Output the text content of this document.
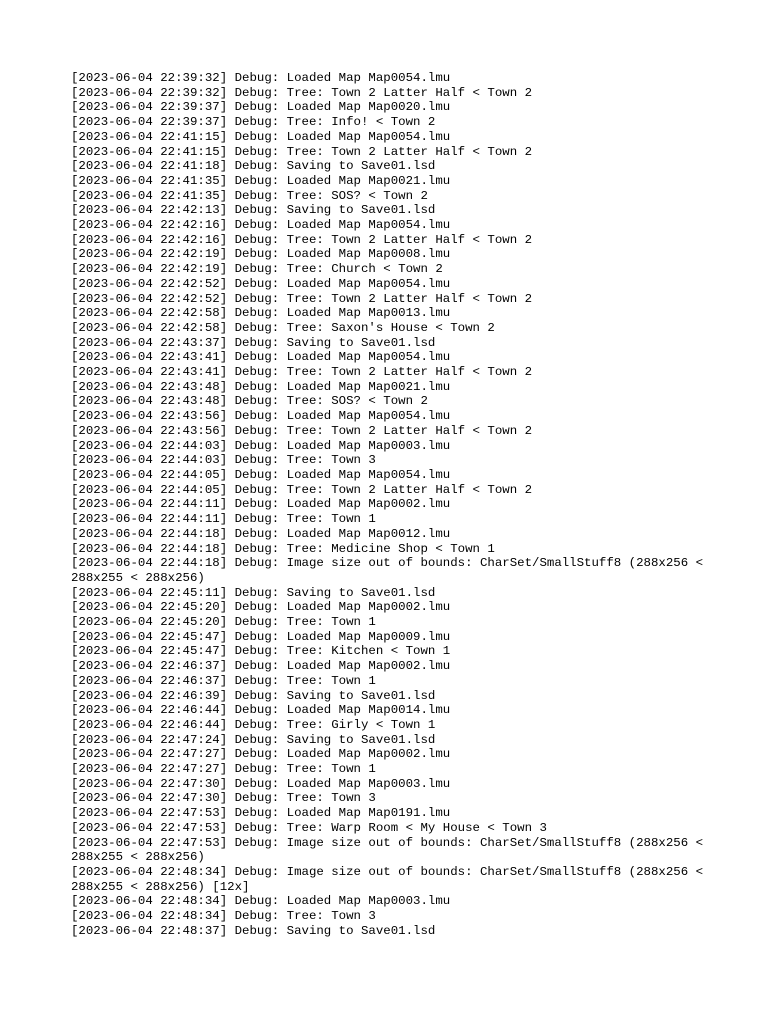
[2023-06-04 22:39:32] Debug: Loaded Map Map0054.lmu
[2023-06-04 22:39:32] Debug: Tree: Town 2 Latter Half < Town 2
[2023-06-04 22:39:37] Debug: Loaded Map Map0020.lmu
[2023-06-04 22:39:37] Debug: Tree: Info! < Town 2
[2023-06-04 22:41:15] Debug: Loaded Map Map0054.lmu
[2023-06-04 22:41:15] Debug: Tree: Town 2 Latter Half < Town 2
[2023-06-04 22:41:18] Debug: Saving to Save01.lsd
[2023-06-04 22:41:35] Debug: Loaded Map Map0021.lmu
[2023-06-04 22:41:35] Debug: Tree: SOS? < Town 2
[2023-06-04 22:42:13] Debug: Saving to Save01.lsd
[2023-06-04 22:42:16] Debug: Loaded Map Map0054.lmu
[2023-06-04 22:42:16] Debug: Tree: Town 2 Latter Half < Town 2
[2023-06-04 22:42:19] Debug: Loaded Map Map0008.lmu
[2023-06-04 22:42:19] Debug: Tree: Church < Town 2
[2023-06-04 22:42:52] Debug: Loaded Map Map0054.lmu
[2023-06-04 22:42:52] Debug: Tree: Town 2 Latter Half < Town 2
[2023-06-04 22:42:58] Debug: Loaded Map Map0013.lmu
[2023-06-04 22:42:58] Debug: Tree: Saxon's House < Town 2
[2023-06-04 22:43:37] Debug: Saving to Save01.lsd
[2023-06-04 22:43:41] Debug: Loaded Map Map0054.lmu
[2023-06-04 22:43:41] Debug: Tree: Town 2 Latter Half < Town 2
[2023-06-04 22:43:48] Debug: Loaded Map Map0021.lmu
[2023-06-04 22:43:48] Debug: Tree: SOS? < Town 2
[2023-06-04 22:43:56] Debug: Loaded Map Map0054.lmu
[2023-06-04 22:43:56] Debug: Tree: Town 2 Latter Half < Town 2
[2023-06-04 22:44:03] Debug: Loaded Map Map0003.lmu
[2023-06-04 22:44:03] Debug: Tree: Town 3
[2023-06-04 22:44:05] Debug: Loaded Map Map0054.lmu
[2023-06-04 22:44:05] Debug: Tree: Town 2 Latter Half < Town 2
[2023-06-04 22:44:11] Debug: Loaded Map Map0002.lmu
[2023-06-04 22:44:11] Debug: Tree: Town 1
[2023-06-04 22:44:18] Debug: Loaded Map Map0012.lmu
[2023-06-04 22:44:18] Debug: Tree: Medicine Shop < Town 1
[2023-06-04 22:44:18] Debug: Image size out of bounds: CharSet/SmallStuff8 (288x256 < 288x255 < 288x256)
[2023-06-04 22:45:11] Debug: Saving to Save01.lsd
[2023-06-04 22:45:20] Debug: Loaded Map Map0002.lmu
[2023-06-04 22:45:20] Debug: Tree: Town 1
[2023-06-04 22:45:47] Debug: Loaded Map Map0009.lmu
[2023-06-04 22:45:47] Debug: Tree: Kitchen < Town 1
[2023-06-04 22:46:37] Debug: Loaded Map Map0002.lmu
[2023-06-04 22:46:37] Debug: Tree: Town 1
[2023-06-04 22:46:39] Debug: Saving to Save01.lsd
[2023-06-04 22:46:44] Debug: Loaded Map Map0014.lmu
[2023-06-04 22:46:44] Debug: Tree: Girly < Town 1
[2023-06-04 22:47:24] Debug: Saving to Save01.lsd
[2023-06-04 22:47:27] Debug: Loaded Map Map0002.lmu
[2023-06-04 22:47:27] Debug: Tree: Town 1
[2023-06-04 22:47:30] Debug: Loaded Map Map0003.lmu
[2023-06-04 22:47:30] Debug: Tree: Town 3
[2023-06-04 22:47:53] Debug: Loaded Map Map0191.lmu
[2023-06-04 22:47:53] Debug: Tree: Warp Room < My House < Town 3
[2023-06-04 22:47:53] Debug: Image size out of bounds: CharSet/SmallStuff8 (288x256 < 288x255 < 288x256)
[2023-06-04 22:48:34] Debug: Image size out of bounds: CharSet/SmallStuff8 (288x256 < 288x255 < 288x256) [12x]
[2023-06-04 22:48:34] Debug: Loaded Map Map0003.lmu
[2023-06-04 22:48:34] Debug: Tree: Town 3
[2023-06-04 22:48:37] Debug: Saving to Save01.lsd
